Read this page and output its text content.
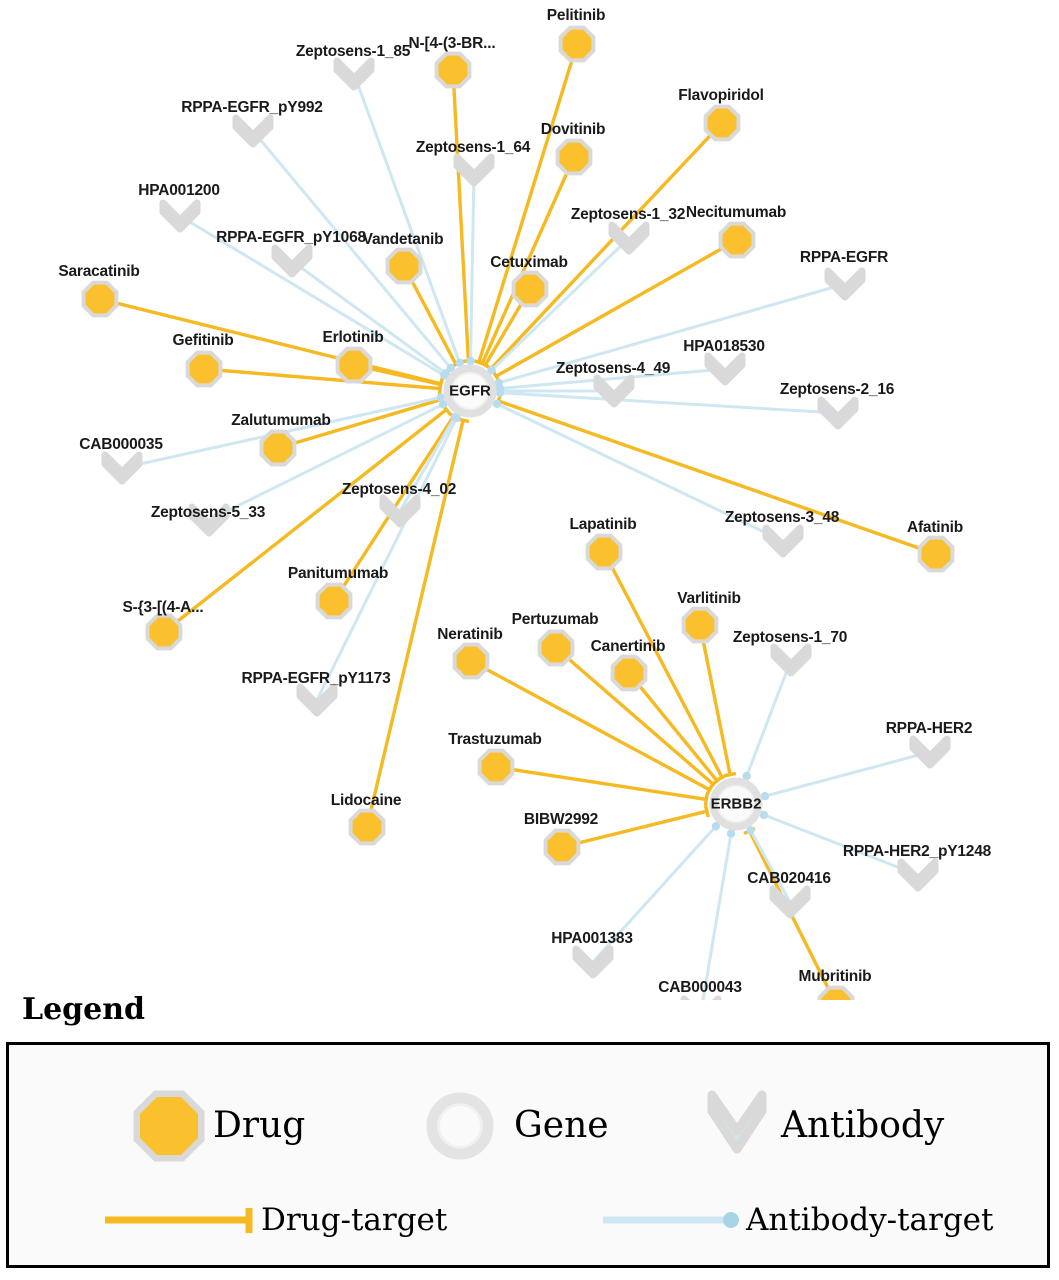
Zeptosens-1_85
RPPA-EGFR_pY992
Zeptosens-1_64
HPA001200
Zeptosens-1_32
RPPA-EGFR_pY1068
RPPA-EGFR
HPA018530
Zeptosens-4_49
Zeptosens-2_16
CAB000035
Zeptosens-5_33
Zeptosens-4_02
Zeptosens-3_48
Zeptosens-1_70
RPPA-EGFR_pY1173
RPPA-HER2
RPPA-HER2_pY1248
CAB020416
HPA001383
CAB000043
Pelitinib
N-[4-(3-BR...
Flavopiridol
Dovitinib
Necitumumab
Vandetanib
Cetuximab
Saracatinib
Gefitinib	Erlotinib
Zalutumumab
Afatinib
Lapatinib
Varlitinib
Panitumumab
S-{3-[(4-A...
Pertuzumab
Canertinib
Neratinib
Trastuzumab
Lidocaine
BIBW2992
Mubritinib
EGFR
ERBB2
Legend
Drug	Gene	Antibody
Drug-target	Antibody-target
